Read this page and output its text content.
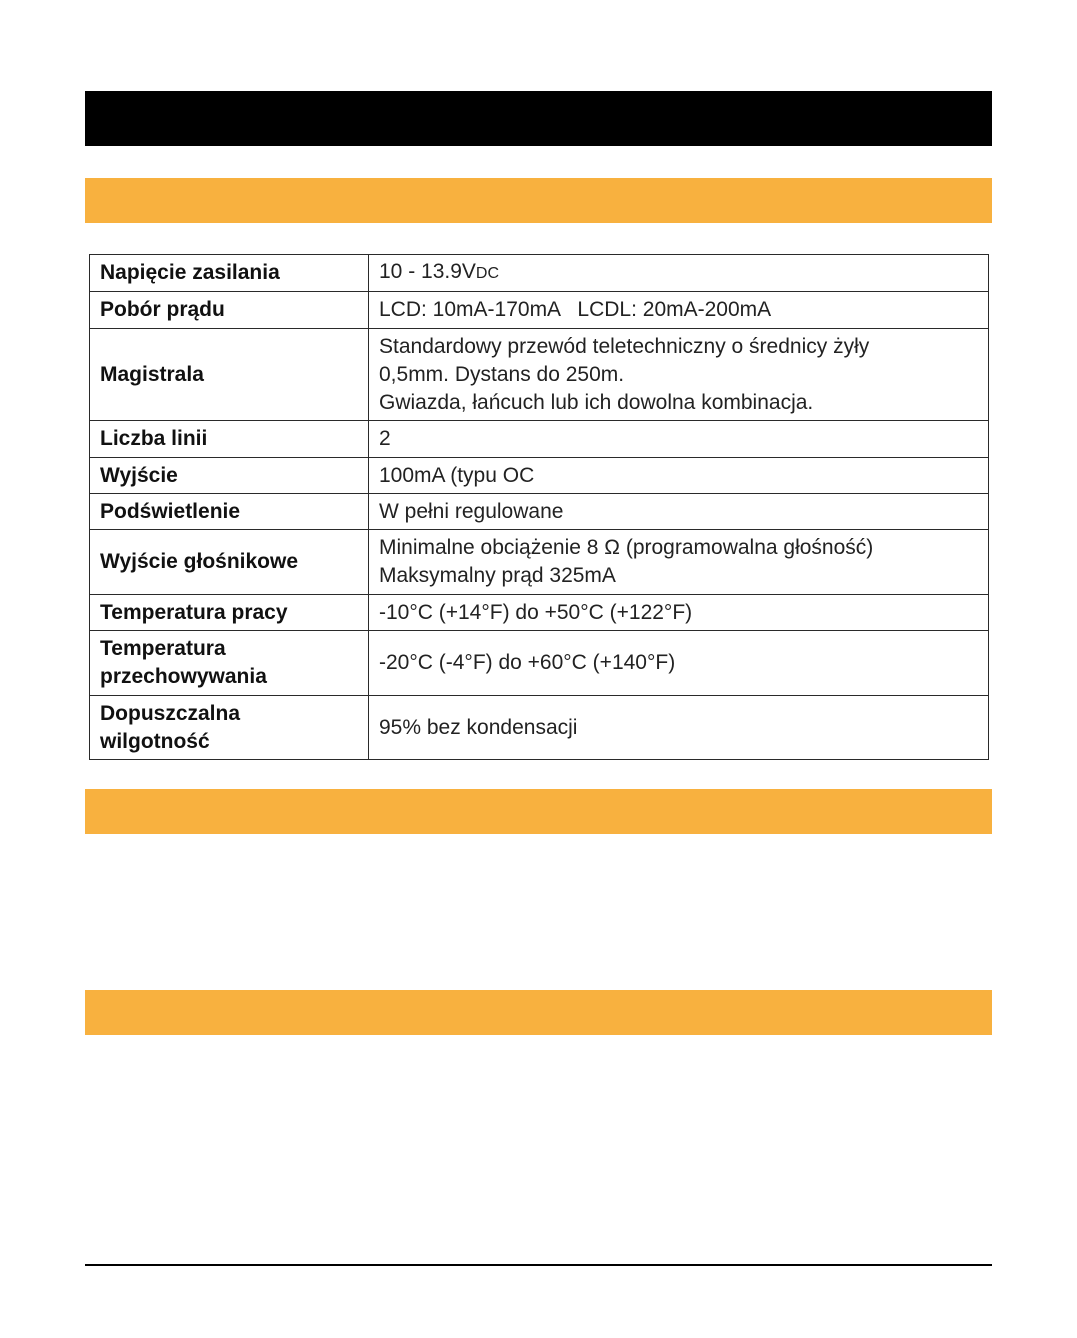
Napięcie zasilania	10 - 13.9VDC
Pobór prądu	LCD: 10mA-170mA   LCDL: 20mA-200mA
Magistrala	Standardowy przewód teletechniczny o średnicy żyły
0,5mm. Dystans do 250m.
Gwiazda, łańcuch lub ich dowolna kombinacja.

Liczba linii	2
Wyjście	100mA (typu OC
Podświetlenie	W pełni regulowane
Wyjście głośnikowe	Minimalne obciążenie 8 Ω (programowalna głośność)
Maksymalny prąd 325mA

Temperatura pracy	-10°C (+14°F) do +50°C (+122°F)

Temperatura
przechowywania	-20°C (-4°F) do +60°C (+140°F)

Dopuszczalna
wilgotność	95% bez kondensacji
